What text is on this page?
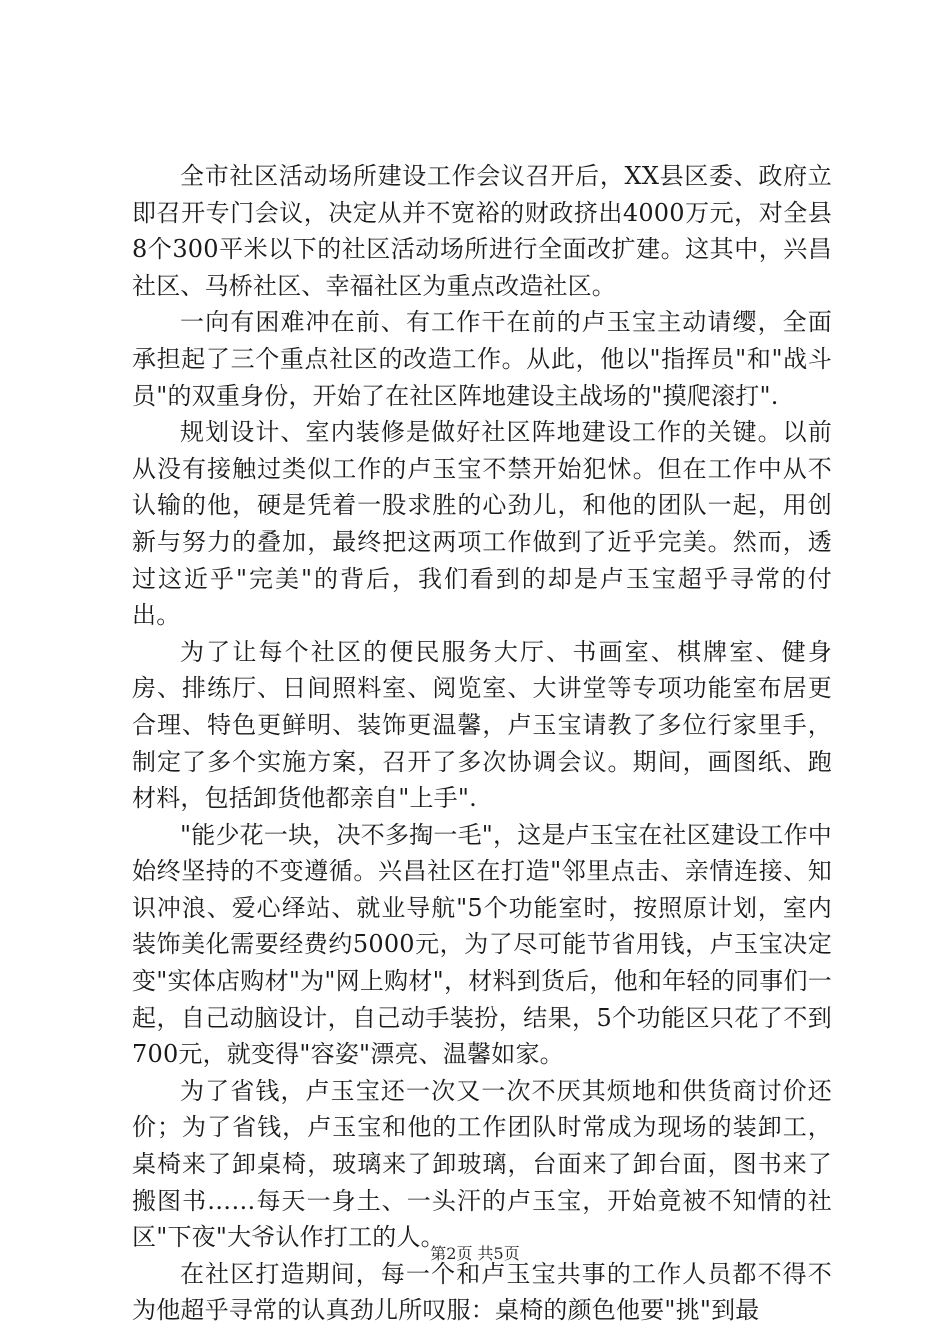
全市社区活动场所建设工作会议召开后，XX县区委、政府立即召开专门会议，决定从并不宽裕的财政挤出4000万元，对全县8个300平米以下的社区活动场所进行全面改扩建。这其中，兴昌社区、马桥社区、幸福社区为重点改造社区。

一向有困难冲在前、有工作干在前的卢玉宝主动请缨，全面承担起了三个重点社区的改造工作。从此，他以"指挥员"和"战斗员"的双重身份，开始了在社区阵地建设主战场的"摸爬滚打".

规划设计、室内装修是做好社区阵地建设工作的关键。以前从没有接触过类似工作的卢玉宝不禁开始犯怵。但在工作中从不认输的他，硬是凭着一股求胜的心劲儿，和他的团队一起，用创新与努力的叠加，最终把这两项工作做到了近乎完美。然而，透过这近乎"完美"的背后，我们看到的却是卢玉宝超乎寻常的付出。

为了让每个社区的便民服务大厅、书画室、棋牌室、健身房、排练厅、日间照料室、阅览室、大讲堂等专项功能室布居更合理、特色更鲜明、装饰更温馨，卢玉宝请教了多位行家里手，制定了多个实施方案，召开了多次协调会议。期间，画图纸、跑材料，包括卸货他都亲自"上手".

"能少花一块，决不多掏一毛"，这是卢玉宝在社区建设工作中始终坚持的不变遵循。兴昌社区在打造"邻里点击、亲情连接、知识冲浪、爱心绎站、就业导航"5个功能室时，按照原计划，室内装饰美化需要经费约5000元，为了尽可能节省用钱，卢玉宝决定变"实体店购材"为"网上购材"，材料到货后，他和年轻的同事们一起，自己动脑设计，自己动手装扮，结果，5个功能区只花了不到700元，就变得"容姿"漂亮、温馨如家。

为了省钱，卢玉宝还一次又一次不厌其烦地和供货商讨价还价；为了省钱，卢玉宝和他的工作团队时常成为现场的装卸工，桌椅来了卸桌椅，玻璃来了卸玻璃，台面来了卸台面，图书来了搬图书……每天一身土、一头汗的卢玉宝，开始竟被不知情的社区"下夜"大爷认作打工的人。

在社区打造期间，每一个和卢玉宝共事的工作人员都不得不为他超乎寻常的认真劲儿所叹服：桌椅的颜色他要"挑"到最

第2页 共5页
